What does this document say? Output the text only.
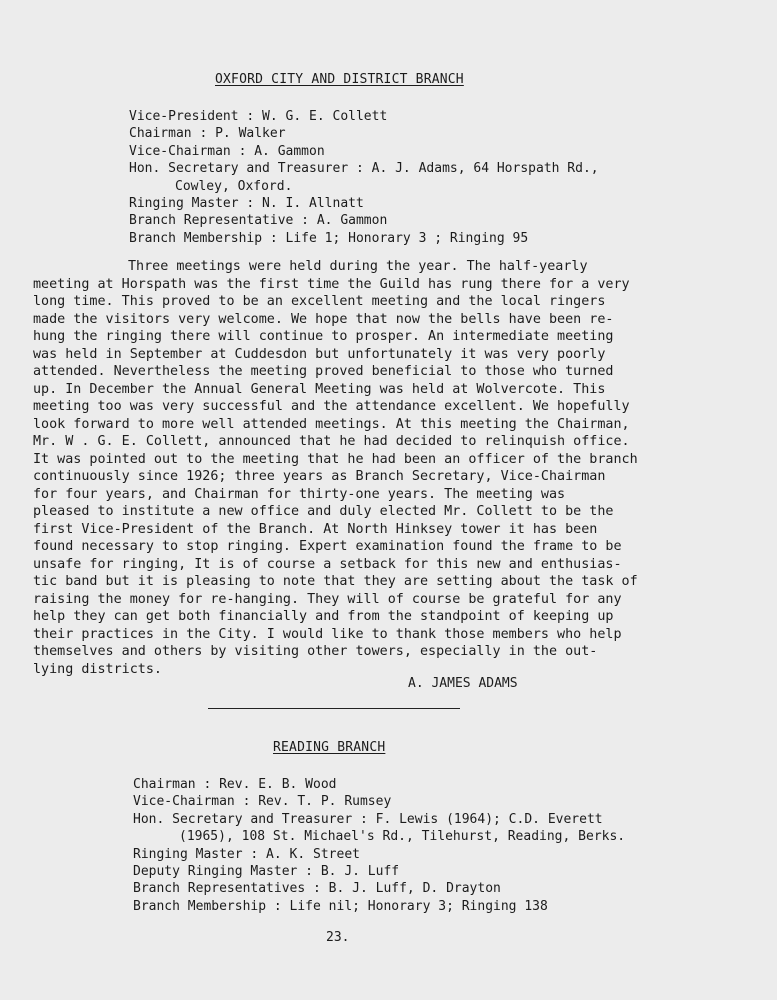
OXFORD CITY AND DISTRICT BRANCH
Vice-President : W. G. E. Collett
Chairman : P. Walker
Vice-Chairman : A. Gammon
Hon. Secretary and Treasurer : A. J. Adams, 64 Horspath Rd.,
Cowley, Oxford.
Ringing Master : N. I. Allnatt
Branch Representative : A. Gammon
Branch Membership : Life 1; Honorary 3 ; Ringing 95
Three meetings were held during the year. The half-yearly
meeting at Horspath was the first time the Guild has rung there for a very
long time. This proved to be an excellent meeting and the local ringers
made the visitors very welcome. We hope that now the bells have been re-
hung the ringing there will continue to prosper. An intermediate meeting
was held in September at Cuddesdon but unfortunately it was very poorly
attended. Nevertheless the meeting proved beneficial to those who turned
up. In December the Annual General Meeting was held at Wolvercote. This
meeting too was very successful and the attendance excellent. We hopefully
look forward to more well attended meetings. At this meeting the Chairman,
Mr. W . G. E. Collett, announced that he had decided to relinquish office.
It was pointed out to the meeting that he had been an officer of the branch
continuously since 1926; three years as Branch Secretary, Vice-Chairman
for four years, and Chairman for thirty-one years. The meeting was
pleased to institute a new office and duly elected Mr. Collett to be the
first Vice-President of the Branch. At North Hinksey tower it has been
found necessary to stop ringing. Expert examination found the frame to be
unsafe for ringing, It is of course a setback for this new and enthusias-
tic band but it is pleasing to note that they are setting about the task of
raising the money for re-hanging. They will of course be grateful for any
help they can get both financially and from the standpoint of keeping up
their practices in the City. I would like to thank those members who help
themselves and others by visiting other towers, especially in the out-
lying districts.
A. JAMES ADAMS
READING BRANCH
Chairman : Rev. E. B. Wood
Vice-Chairman : Rev. T. P. Rumsey
Hon. Secretary and Treasurer : F. Lewis (1964); C.D. Everett
(1965), 108 St. Michael's Rd., Tilehurst, Reading, Berks.
Ringing Master : A. K. Street
Deputy Ringing Master : B. J. Luff
Branch Representatives : B. J. Luff, D. Drayton
Branch Membership : Life nil; Honorary 3; Ringing 138
23.
